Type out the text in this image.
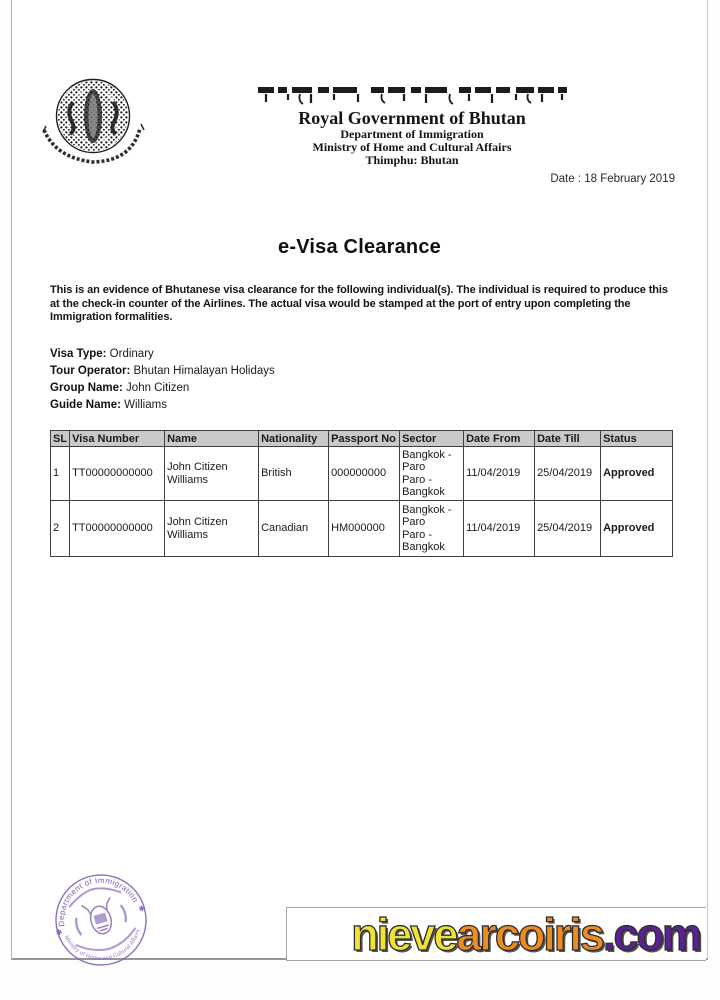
Royal Government of Bhutan
Department of Immigration
Ministry of Home and Cultural Affairs
Thimphu: Bhutan
Date : 18 February 2019
e-Visa Clearance
This is an evidence of Bhutanese visa clearance for the following individual(s). The individual is required to produce this at the check-in counter of the Airlines. The actual visa would be stamped at the port of entry upon completing the Immigration formalities.
Visa Type: Ordinary
Tour Operator: Bhutan Himalayan Holidays
Group Name: John Citizen
Guide Name: Williams
SL	Visa Number	Name	Nationality	Passport No	Sector	Date From	Date Till	Status
1	TT00000000000	John Citizen Williams	British	000000000	Bangkok - Paro
Paro - Bangkok	11/04/2019	25/04/2019	Approved
2	TT00000000000	John Citizen Williams	Canadian	HM000000	Bangkok - Paro
Paro - Bangkok	11/04/2019	25/04/2019	Approved
Department of Immigration
Ministry of Home and Cultural Affairs
✱
✱	nievearcoiris.com
